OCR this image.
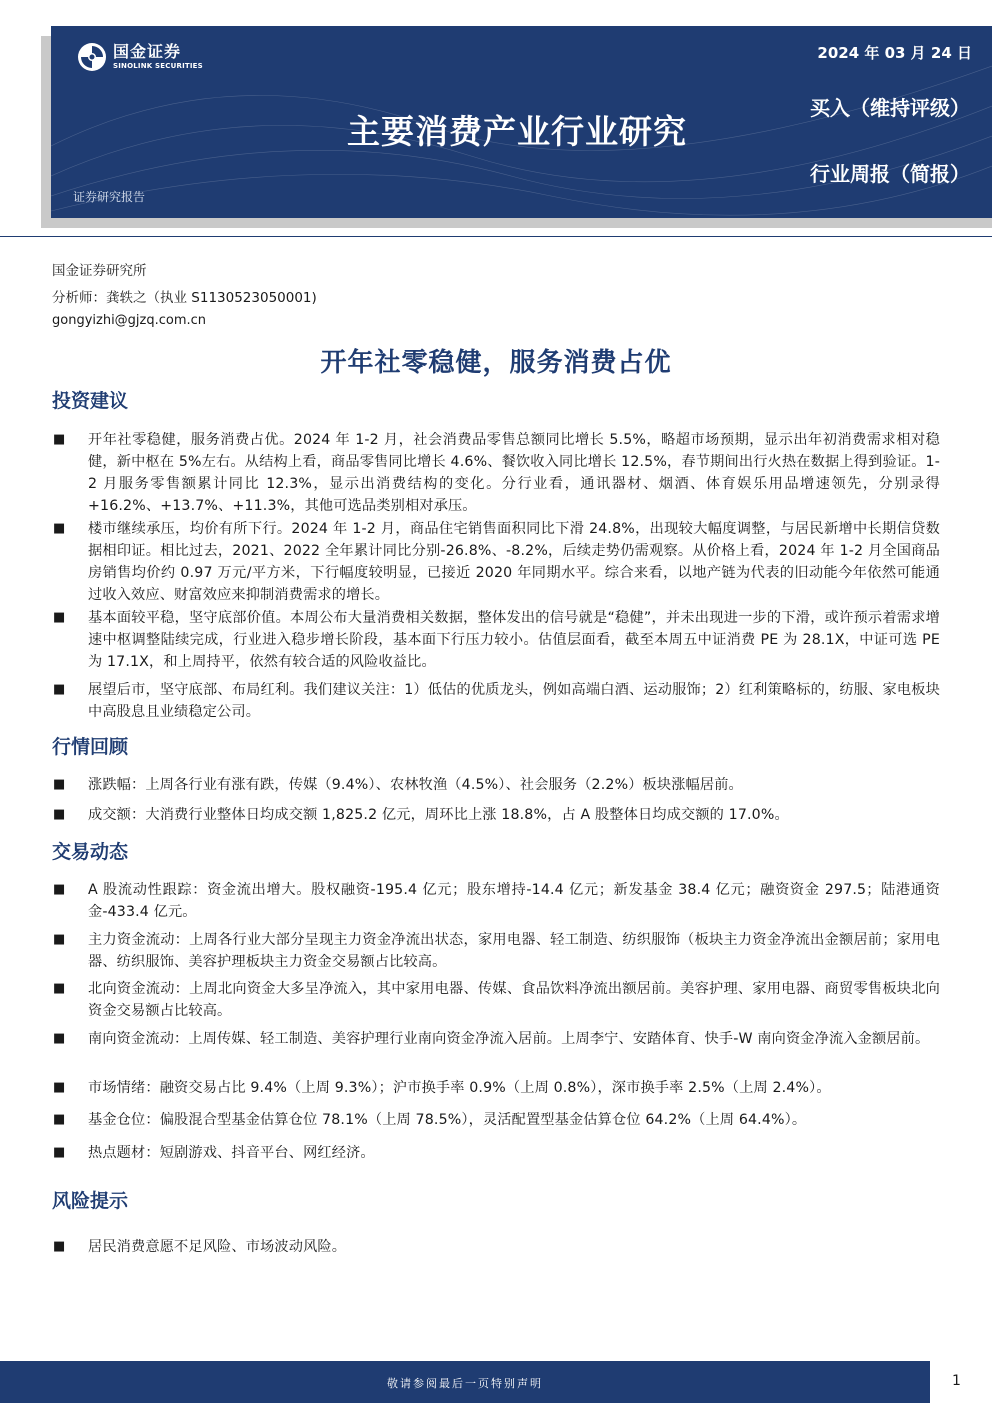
国金证券
SINOLINK SECURITIES
主要消费产业行业研究
2024 年 03 月 24 日
买入（维持评级）
行业周报（简报）
证券研究报告
国金证券研究所
分析师：龚轶之（执业 S1130523050001)
gongyizhi@gjzq.com.cn
开年社零稳健，服务消费占优
投资建议
■	开年社零稳健，服务消费占优。2024 年 1-2 月，社会消费品零售总额同比增长 5.5%，略超市场预期，显示出年初消费需求相对稳健，新中枢在 5%左右。从结构上看，商品零售同比增长 4.6%、餐饮收入同比增长 12.5%，春节期间出行火热在数据上得到验证。1-2 月服务零售额累计同比 12.3%，显示出消费结构的变化。分行业看，通讯器材、烟酒、体育娱乐用品增速领先，分别录得+16.2%、+13.7%、+11.3%，其他可选品类别相对承压。
■	楼市继续承压，均价有所下行。2024 年 1-2 月，商品住宅销售面积同比下滑 24.8%，出现较大幅度调整，与居民新增中长期信贷数据相印证。相比过去，2021、2022 全年累计同比分别-26.8%、-8.2%，后续走势仍需观察。从价格上看，2024 年 1-2 月全国商品房销售均价约 0.97 万元/平方米，下行幅度较明显，已接近 2020 年同期水平。综合来看，以地产链为代表的旧动能今年依然可能通过收入效应、财富效应来抑制消费需求的增长。
■	基本面较平稳，坚守底部价值。本周公布大量消费相关数据，整体发出的信号就是“稳健”，并未出现进一步的下滑，或许预示着需求增速中枢调整陆续完成，行业进入稳步增长阶段，基本面下行压力较小。估值层面看，截至本周五中证消费 PE 为 28.1X，中证可选 PE 为 17.1X，和上周持平，依然有较合适的风险收益比。
■	展望后市，坚守底部、布局红利。我们建议关注：1）低估的优质龙头，例如高端白酒、运动服饰；2）红利策略标的，纺服、家电板块中高股息且业绩稳定公司。
行情回顾
■	涨跌幅：上周各行业有涨有跌，传媒（9.4%）、农林牧渔（4.5%）、社会服务（2.2%）板块涨幅居前。
■	成交额：大消费行业整体日均成交额 1,825.2 亿元，周环比上涨 18.8%，占 A 股整体日均成交额的 17.0%。
交易动态
■	A 股流动性跟踪：资金流出增大。股权融资-195.4 亿元；股东增持-14.4 亿元；新发基金 38.4 亿元；融资资金 297.5；陆港通资金-433.4 亿元。
■	主力资金流动：上周各行业大部分呈现主力资金净流出状态，家用电器、轻工制造、纺织服饰（板块主力资金净流出金额居前；家用电器、纺织服饰、美容护理板块主力资金交易额占比较高。
■	北向资金流动：上周北向资金大多呈净流入，其中家用电器、传媒、食品饮料净流出额居前。美容护理、家用电器、商贸零售板块北向资金交易额占比较高。
■	南向资金流动：上周传媒、轻工制造、美容护理行业南向资金净流入居前。上周李宁、安踏体育、快手-W 南向资金净流入金额居前。
■	市场情绪：融资交易占比 9.4%（上周 9.3%）；沪市换手率 0.9%（上周 0.8%），深市换手率 2.5%（上周 2.4%）。
■	基金仓位：偏股混合型基金估算仓位 78.1%（上周 78.5%），灵活配置型基金估算仓位 64.2%（上周 64.4%）。
■	热点题材：短剧游戏、抖音平台、网红经济。
风险提示
■	居民消费意愿不足风险、市场波动风险。
敬请参阅最后一页特别声明	1
